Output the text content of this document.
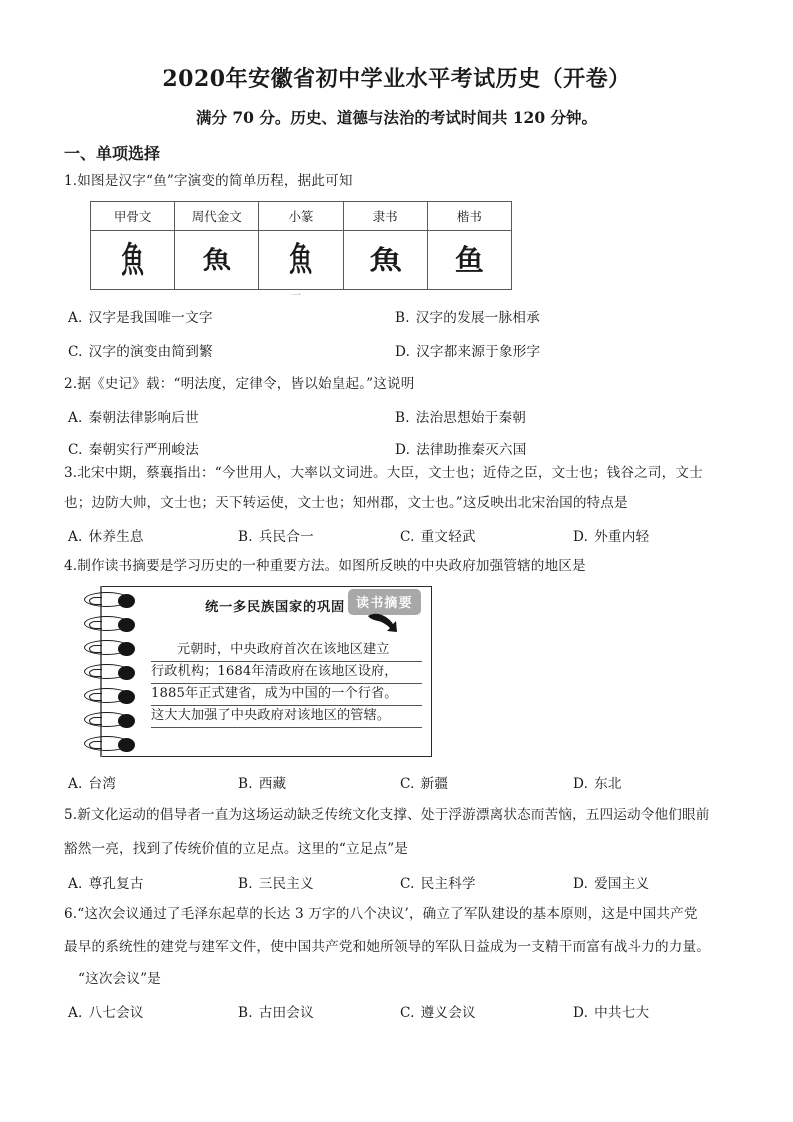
2020年安徽省初中学业水平考试历史（开卷）
满分 70 分。历史、道德与法治的考试时间共 120 分钟。
一、单项选择
1.如图是汉字“鱼”字演变的简单历程，据此可知
甲骨文	周代金文	小篆	隶书	楷书

魚	魚	魚	魚	鱼
一
A. 汉字是我国唯一文字	B. 汉字的发展一脉相承
C. 汉字的演变由简到繁	D. 汉字都来源于象形字
2.据《史记》载：“明法度，定律令，皆以始皇起。”这说明
A. 秦朝法律影响后世	B. 法治思想始于秦朝
C. 秦朝实行严刑峻法	D. 法律助推秦灭六国
3.北宋中期，蔡襄指出：“今世用人，大率以文词进。大臣，文士也；近侍之臣，文士也；钱谷之司，文士
也；边防大帅，文士也；天下转运使，文士也；知州郡，文士也。”这反映出北宋治国的特点是
A. 休养生息	B. 兵民合一	C. 重文轻武	D. 外重内轻
4.制作读书摘要是学习历史的一种重要方法。如图所反映的中央政府加强管辖的地区是
统一多民族国家的巩固 读书摘要
元朝时，中央政府首次在该地区建立
行政机构；1684年清政府在该地区设府，
1885年正式建省，成为中国的一个行省。
这大大加强了中央政府对该地区的管辖。
A. 台湾	B. 西藏	C. 新疆	D. 东北
5.新文化运动的倡导者一直为这场运动缺乏传统文化支撑、处于浮游漂离状态而苦恼，五四运动令他们眼前
豁然一亮，找到了传统价值的立足点。这里的“立足点”是
A. 尊孔复古	B. 三民主义	C. 民主科学	D. 爱国主义
6.“这次会议通过了毛泽东起草的长达 3 万字的八个决议’，确立了军队建设的基本原则，这是中国共产党
最早的系统性的建党与建军文件，使中国共产党和她所领导的军队日益成为一支精干而富有战斗力的力量。
“这次会议”是
A. 八七会议	B. 古田会议	C. 遵义会议	D. 中共七大
